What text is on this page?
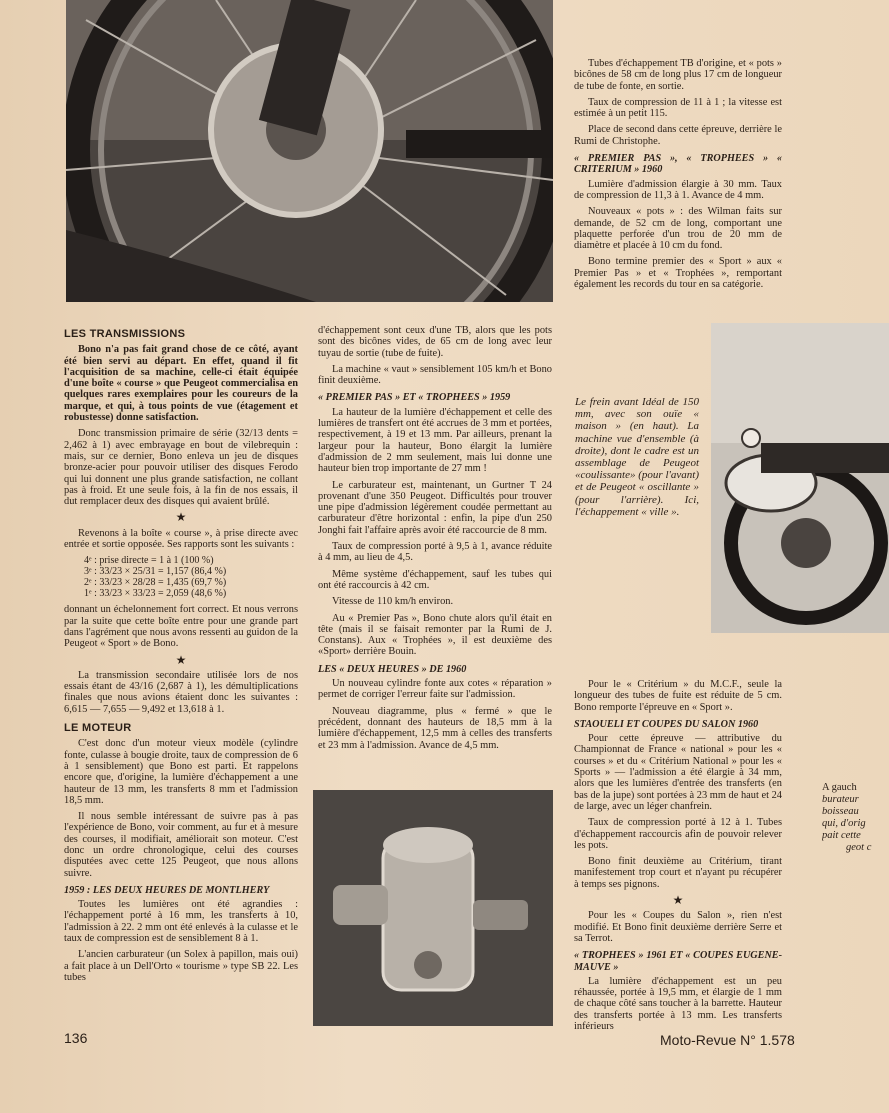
Tubes d'échappement TB d'origine, et « pots » bicônes de 58 cm de long plus 17 cm de longueur de tube de fonte, en sortie.

Taux de compression de 11 à 1 ; la vitesse est estimée à un petit 115.

Place de second dans cette épreuve, derrière le Rumi de Christophe.

« PREMIER PAS », « TROPHEES » « CRITERIUM » 1960

Lumière d'admission élargie à 30 mm. Taux de compression de 11,3 à 1. Avance de 4 mm.

Nouveaux « pots » : des Wilman faits sur demande, de 52 cm de long, comportant une plaquette perforée d'un trou de 20 mm de diamètre et placée à 10 cm du fond.

Bono termine premier des « Sport » aux « Premier Pas » et « Trophées », remportant également les records du tour en sa catégorie.

LES TRANSMISSIONS

Bono n'a pas fait grand chose de ce côté, ayant été bien servi au départ. En effet, quand il fit l'acquisition de sa machine, celle-ci était équipée d'une boîte « course » que Peugeot commercialisa en quelques rares exemplaires pour les coureurs de la marque, et qui, à tous points de vue (étagement et robustesse) donne satisfaction.

Donc transmission primaire de série (32/13 dents = 2,462 à 1) avec embrayage en bout de vilebrequin : mais, sur ce dernier, Bono enleva un jeu de disques bronze-acier pour pouvoir utiliser des disques Ferodo qui lui donnent une plus grande satisfaction, ne collant pas à froid. Et une seule fois, à la fin de nos essais, il dut remplacer deux des disques qui avaient brûlé.

★

Revenons à la boîte « course », à prise directe avec entrée et sortie opposée. Ses rapports sont les suivants :

4ᵉ : prise directe = 1 à 1 (100 %)
3ᵉ : 33/23 × 25/31 = 1,157 (86,4 %)
2ᵉ : 33/23 × 28/28 = 1,435 (69,7 %)
1ᵉ : 33/23 × 33/23 = 2,059 (48,6 %)

donnant un échelonnement fort correct. Et nous verrons par la suite que cette boîte entre pour une grande part dans l'agrément que nous avons ressenti au guidon de la Peugeot « Sport » de Bono.

★

La transmission secondaire utilisée lors de nos essais étant de 43/16 (2,687 à 1), les démultiplications finales que nous avions étaient donc les suivantes : 6,615 — 7,655 — 9,492 et 13,618 à 1.

LE MOTEUR

C'est donc d'un moteur vieux modèle (cylindre fonte, culasse à bougie droite, taux de compression de 6 à 1 sensiblement) que Bono est parti. Et rappelons encore que, d'origine, la lumière d'échappement a une hauteur de 13 mm, les transferts 8 mm et l'admission 18,5 mm.

Il nous semble intéressant de suivre pas à pas l'expérience de Bono, voir comment, au fur et à mesure des courses, il modifiait, améliorait son moteur. C'est donc un ordre chronologique, celui des courses disputées avec cette 125 Peugeot, que nous allons suivre.

1959 : LES DEUX HEURES DE MONTLHERY

Toutes les lumières ont été agrandies : l'échappement porté à 16 mm, les transferts à 10, l'admission à 22. 2 mm ont été enlevés à la culasse et le taux de compression est de sensiblement 8 à 1.

L'ancien carburateur (un Solex à papillon, mais oui) a fait place à un Dell'Orto « tourisme » type SB 22. Les tubes

d'échappement sont ceux d'une TB, alors que les pots sont des bicônes vides, de 65 cm de long avec leur tuyau de sortie (tube de fuite).

La machine « vaut » sensiblement 105 km/h et Bono finit deuxième.

« PREMIER PAS » ET « TROPHEES » 1959

La hauteur de la lumière d'échappement et celle des lumières de transfert ont été accrues de 3 mm et portées, respectivement, à 19 et 13 mm. Par ailleurs, prenant la largeur pour la hauteur, Bono élargit la lumière d'admission de 2 mm seulement, mais lui donne une hauteur bien trop importante de 27 mm !

Le carburateur est, maintenant, un Gurtner T 24 provenant d'une 350 Peugeot. Difficultés pour trouver une pipe d'admission légèrement coudée permettant au carburateur d'être horizontal : enfin, la pipe d'un 250 Jonghi fait l'affaire après avoir été raccourcie de 8 mm.

Taux de compression porté à 9,5 à 1, avance réduite à 4 mm, au lieu de 4,5.

Même système d'échappement, sauf les tubes qui ont été raccourcis à 42 cm.

Vitesse de 110 km/h environ.

Au « Premier Pas », Bono chute alors qu'il était en tête (mais il se faisait remonter par la Rumi de J. Constans). Aux « Trophées », il est deuxième des «Sport» derrière Bouin.

LES « DEUX HEURES » DE 1960

Un nouveau cylindre fonte aux cotes « réparation » permet de corriger l'erreur faite sur l'admission.

Nouveau diagramme, plus « fermé » que le précédent, donnant des hauteurs de 18,5 mm à la lumière d'échappement, 12,5 mm à celles des transferts et 23 mm à l'admission. Avance de 4,5 mm.

Le frein avant Idéal de 150 mm, avec son ouïe « maison » (en haut). La machine vue d'ensemble (à droite), dont le cadre est un assemblage de Peugeot «coulissante» (pour l'avant) et de Peugeot « oscillante » (pour l'arrière). Ici, l'échappement « ville ».

Pour le « Critérium » du M.C.F., seule la longueur des tubes de fuite est réduite de 5 cm. Bono remporte l'épreuve en « Sport ».

STAOUELI ET COUPES DU SALON 1960

Pour cette épreuve — attributive du Championnat de France « national » pour les « courses » et du « Critérium National » pour les « Sports » — l'admission a été élargie à 34 mm, alors que les lumières d'entrée des transferts (en bas de la jupe) sont portées à 23 mm de haut et 24 de large, avec un léger chanfrein.

Taux de compression porté à 12 à 1. Tubes d'échappement raccourcis afin de pouvoir relever les pots.

Bono finit deuxième au Critérium, tirant manifestement trop court et n'ayant pu récupérer à temps ses pignons.

★

Pour les « Coupes du Salon », rien n'est modifié. Et Bono finit deuxième derrière Serre et sa Terrot.

« TROPHEES » 1961 ET « COUPES EUGENE-MAUVE »

La lumière d'échappement est un peu réhaussée, portée à 19,5 mm, et élargie de 1 mm de chaque côté sans toucher à la barrette. Hauteur des transferts portée à 13 mm. Les transferts inférieurs

A gauch
burateur
boisseau
qui, d'orig
pait cette
geot c
136	Moto-Revue N° 1.578
